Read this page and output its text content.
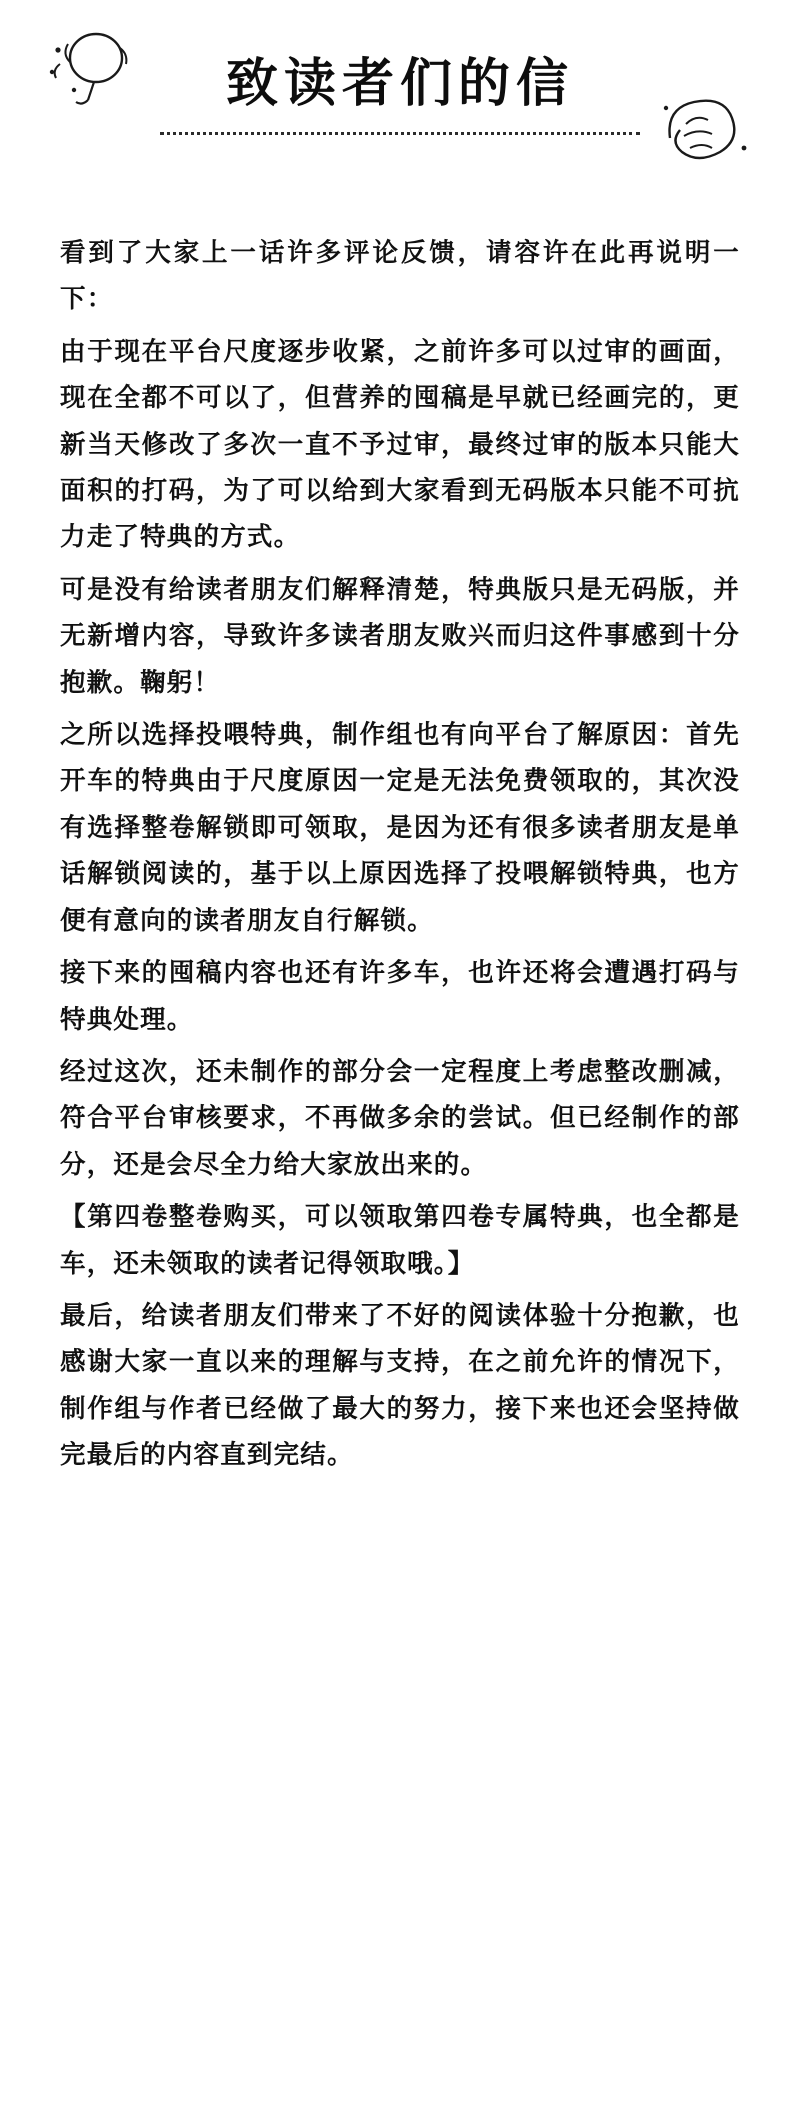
致读者们的信

看到了大家上一话许多评论反馈，请容许在此再说明一下：

由于现在平台尺度逐步收紧，之前许多可以过审的画面，现在全都不可以了，但营养的囤稿是早就已经画完的，更新当天修改了多次一直不予过审，最终过审的版本只能大面积的打码，为了可以给到大家看到无码版本只能不可抗力走了特典的方式。

可是没有给读者朋友们解释清楚，特典版只是无码版，并无新增内容，导致许多读者朋友败兴而归这件事感到十分抱歉。鞠躬！

之所以选择投喂特典，制作组也有向平台了解原因：首先开车的特典由于尺度原因一定是无法免费领取的，其次没有选择整卷解锁即可领取，是因为还有很多读者朋友是单话解锁阅读的，基于以上原因选择了投喂解锁特典，也方便有意向的读者朋友自行解锁。

接下来的囤稿内容也还有许多车，也许还将会遭遇打码与特典处理。

经过这次，还未制作的部分会一定程度上考虑整改删减，符合平台审核要求，不再做多余的尝试。但已经制作的部分，还是会尽全力给大家放出来的。

【第四卷整卷购买，可以领取第四卷专属特典，也全都是车，还未领取的读者记得领取哦。】

最后，给读者朋友们带来了不好的阅读体验十分抱歉，也感谢大家一直以来的理解与支持，在之前允许的情况下，制作组与作者已经做了最大的努力，接下来也还会坚持做完最后的内容直到完结。
